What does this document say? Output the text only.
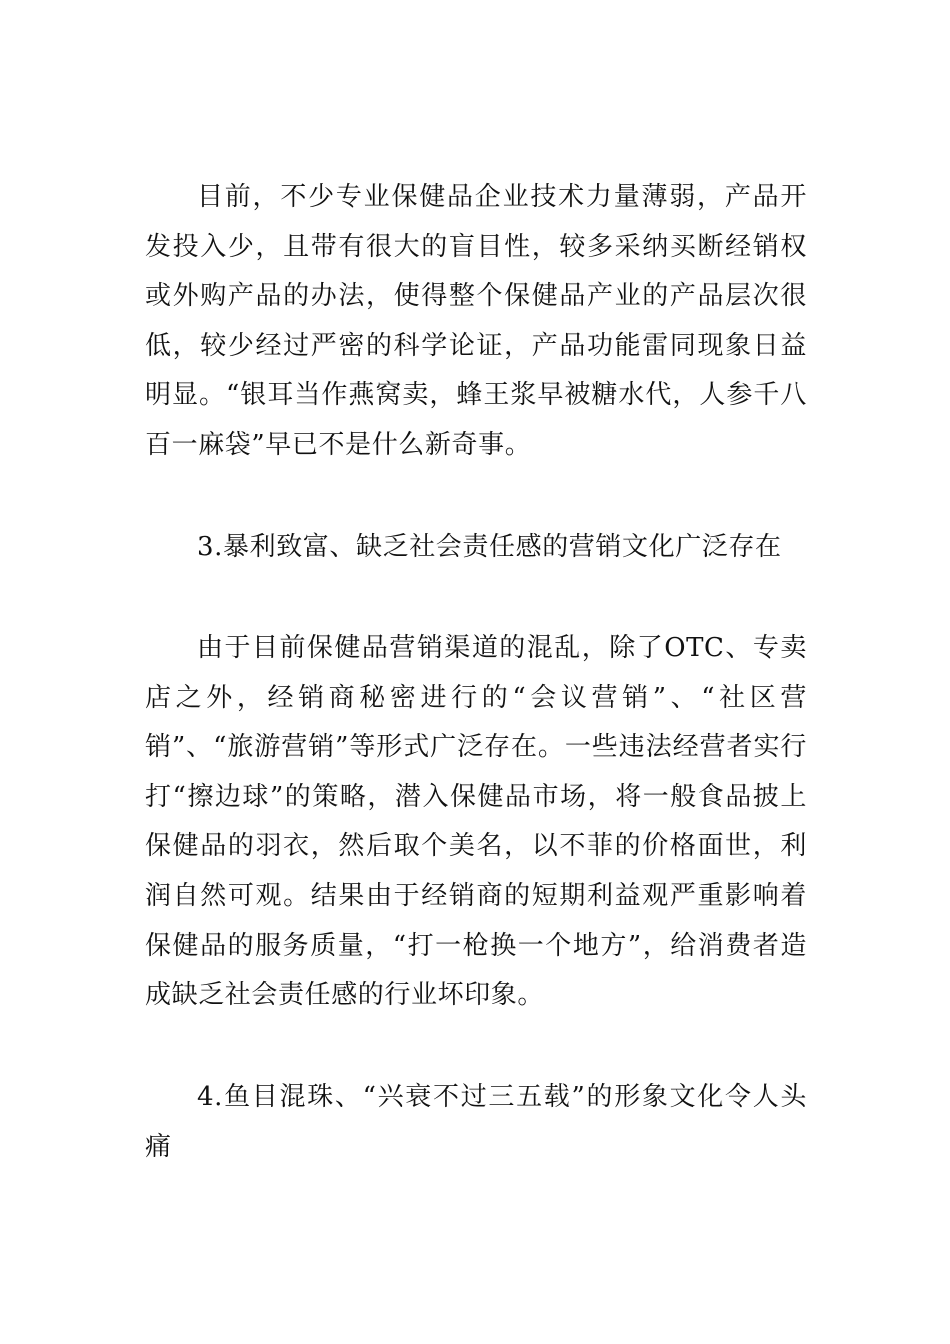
目前，不少专业保健品企业技术力量薄弱，产品开发投入少，且带有很大的盲目性，较多采纳买断经销权或外购产品的办法，使得整个保健品产业的产品层次很低，较少经过严密的科学论证，产品功能雷同现象日益明显。“银耳当作燕窝卖，蜂王浆早被糖水代，人参千八百一麻袋”早已不是什么新奇事。

3.暴利致富、缺乏社会责任感的营销文化广泛存在

由于目前保健品营销渠道的混乱，除了OTC、专卖店之外，经销商秘密进行的“会议营销”、“社区营销”、“旅游营销”等形式广泛存在。一些违法经营者实行打“擦边球”的策略，潜入保健品市场，将一般食品披上保健品的羽衣，然后取个美名，以不菲的价格面世，利润自然可观。结果由于经销商的短期利益观严重影响着保健品的服务质量，“打一枪换一个地方”，给消费者造成缺乏社会责任感的行业坏印象。

4.鱼目混珠、“兴衰不过三五载”的形象文化令人头痛
